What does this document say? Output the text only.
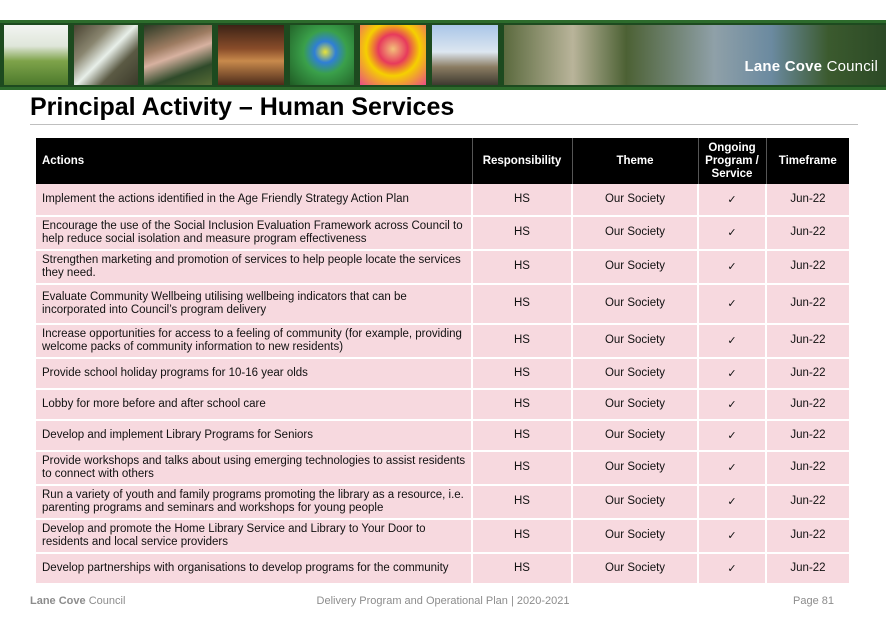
Lane Cove Council
Principal Activity – Human Services
Actions	Responsibility	Theme	Ongoing Program / Service	Timeframe
Implement the actions identified in the Age Friendly Strategy Action Plan	HS	Our Society	✓	Jun-22
Encourage the use of the Social Inclusion Evaluation Framework across Council to help reduce social isolation and measure program effectiveness	HS	Our Society	✓	Jun-22
Strengthen marketing and promotion of services to help people locate the services they need.	HS	Our Society	✓	Jun-22
Evaluate Community Wellbeing utilising wellbeing indicators that can be incorporated into Council’s program delivery	HS	Our Society	✓	Jun-22
Increase opportunities for access to a feeling of community (for example, providing welcome packs of community information to new residents)	HS	Our Society	✓	Jun-22
Provide school holiday programs for 10-16 year olds	HS	Our Society	✓	Jun-22
Lobby for more before and after school care	HS	Our Society	✓	Jun-22
Develop and implement Library Programs for Seniors	HS	Our Society	✓	Jun-22
Provide workshops and talks about using emerging technologies to assist residents to connect with others	HS	Our Society	✓	Jun-22
Run a variety of youth and family programs promoting the library as a resource, i.e. parenting programs and seminars and workshops for young people	HS	Our Society	✓	Jun-22
Develop and promote the Home Library Service and Library to Your Door to residents and local service providers	HS	Our Society	✓	Jun-22
Develop partnerships with organisations to develop programs for the community	HS	Our Society	✓	Jun-22
Lane Cove Council	Delivery Program and Operational Plan | 2020-2021	Page 81
